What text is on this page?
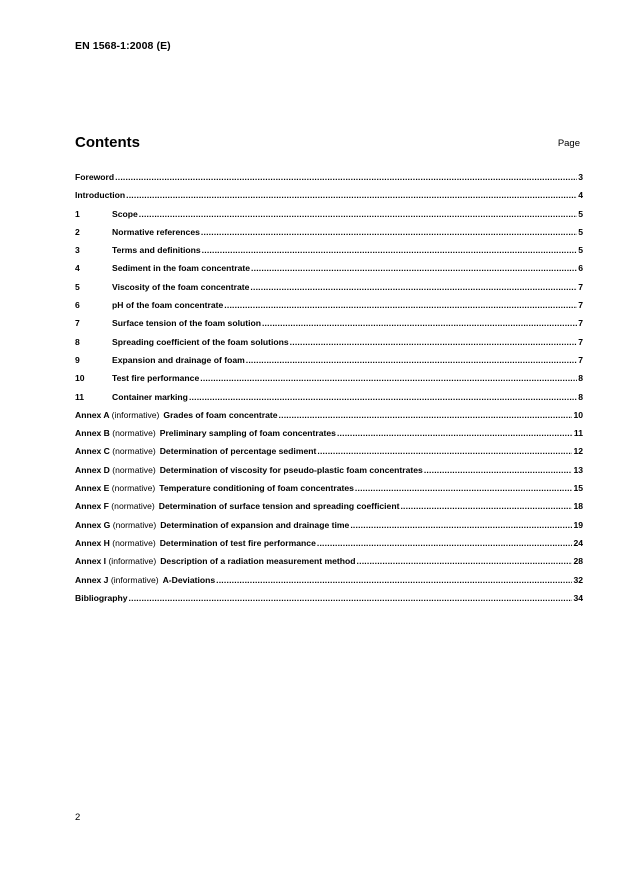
EN 1568-1:2008 (E)
Contents	Page
Foreword .....	3
Introduction .....	4
1	Scope .....	5
2	Normative references .....	5
3	Terms and definitions .....	5
4	Sediment in the foam concentrate .....	6
5	Viscosity of the foam concentrate .....	7
6	pH of the foam concentrate .....	7
7	Surface tension of the foam solution .....	7
8	Spreading coefficient of the foam solutions .....	7
9	Expansion and drainage of foam .....	7
10	Test fire performance .....	8
11	Container marking .....	8
Annex A (informative) Grades of foam concentrate .....	10
Annex B (normative) Preliminary sampling of foam concentrates .....	11
Annex C (normative) Determination of percentage sediment .....	12
Annex D (normative) Determination of viscosity for pseudo-plastic foam concentrates .....	13
Annex E (normative) Temperature conditioning of foam concentrates .....	15
Annex F (normative) Determination of surface tension and spreading coefficient .....	18
Annex G (normative) Determination of expansion and drainage time .....	19
Annex H (normative) Determination of test fire performance .....	24
Annex I (informative) Description of a radiation measurement method .....	28
Annex J (informative) A-Deviations .....	32
Bibliography .....	34
2
